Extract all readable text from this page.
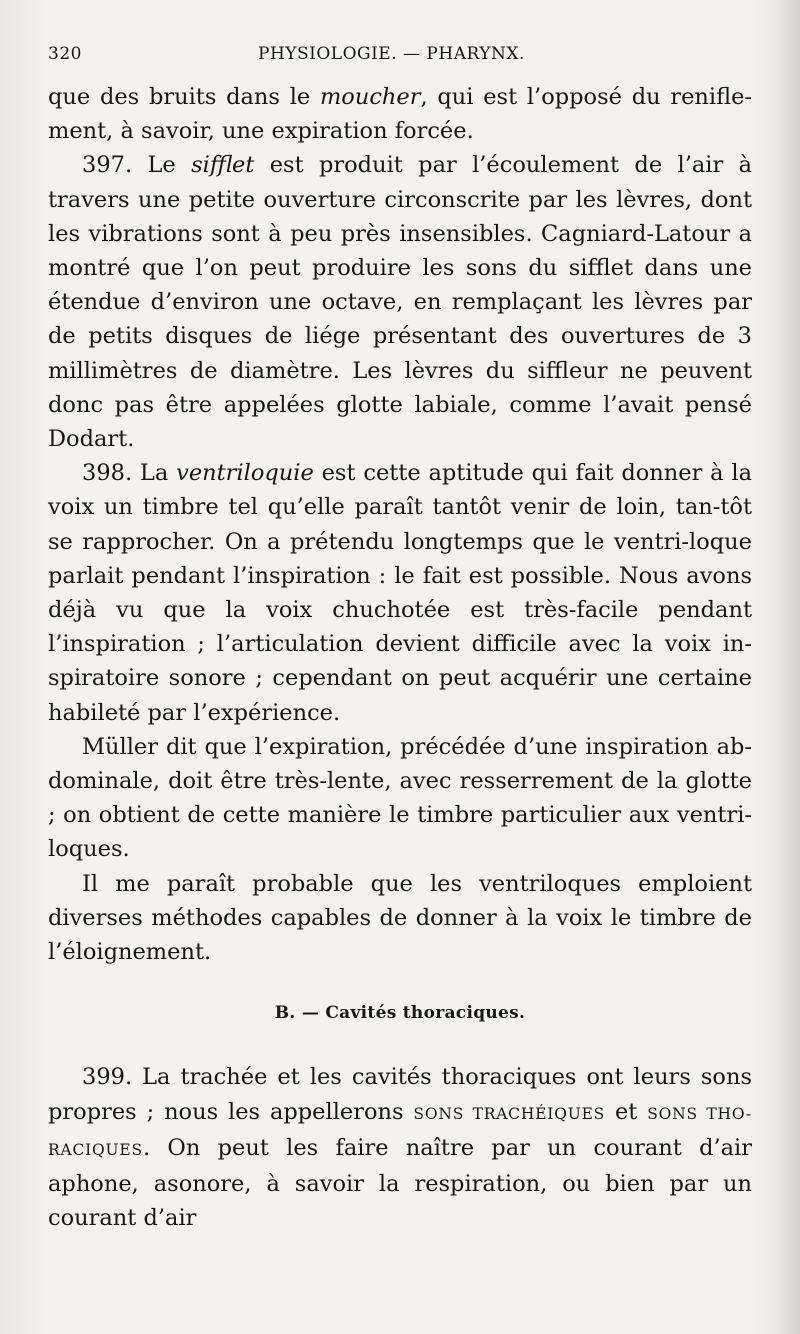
320	PHYSIOLOGIE. — PHARYNX.

que des bruits dans le moucher, qui est l’opposé du renifle-ment, à savoir, une expiration forcée.

397. Le sifflet est produit par l’écoulement de l’air à travers une petite ouverture circonscrite par les lèvres, dont les vibrations sont à peu près insensibles. Cagniard-Latour a montré que l’on peut produire les sons du sifflet dans une étendue d’environ une octave, en remplaçant les lèvres par de petits disques de liége présentant des ouvertures de 3 millimètres de diamètre. Les lèvres du siffleur ne peuvent donc pas être appelées glotte labiale, comme l’avait pensé Dodart.

398. La ventriloquie est cette aptitude qui fait donner à la voix un timbre tel qu’elle paraît tantôt venir de loin, tan-tôt se rapprocher. On a prétendu longtemps que le ventri-loque parlait pendant l’inspiration : le fait est possible. Nous avons déjà vu que la voix chuchotée est très-facile pendant l’inspiration ; l’articulation devient difficile avec la voix in-spiratoire sonore ; cependant on peut acquérir une certaine habileté par l’expérience.

Müller dit que l’expiration, précédée d’une inspiration ab-dominale, doit être très-lente, avec resserrement de la glotte ; on obtient de cette manière le timbre particulier aux ventri-loques.

Il me paraît probable que les ventriloques emploient diverses méthodes capables de donner à la voix le timbre de l’éloignement.

B. — Cavités thoraciques.

399. La trachée et les cavités thoraciques ont leurs sons propres ; nous les appellerons SONS TRACHÉIQUES et SONS THO-RACIQUES. On peut les faire naître par un courant d’air aphone, asonore, à savoir la respiration, ou bien par un courant d’air
